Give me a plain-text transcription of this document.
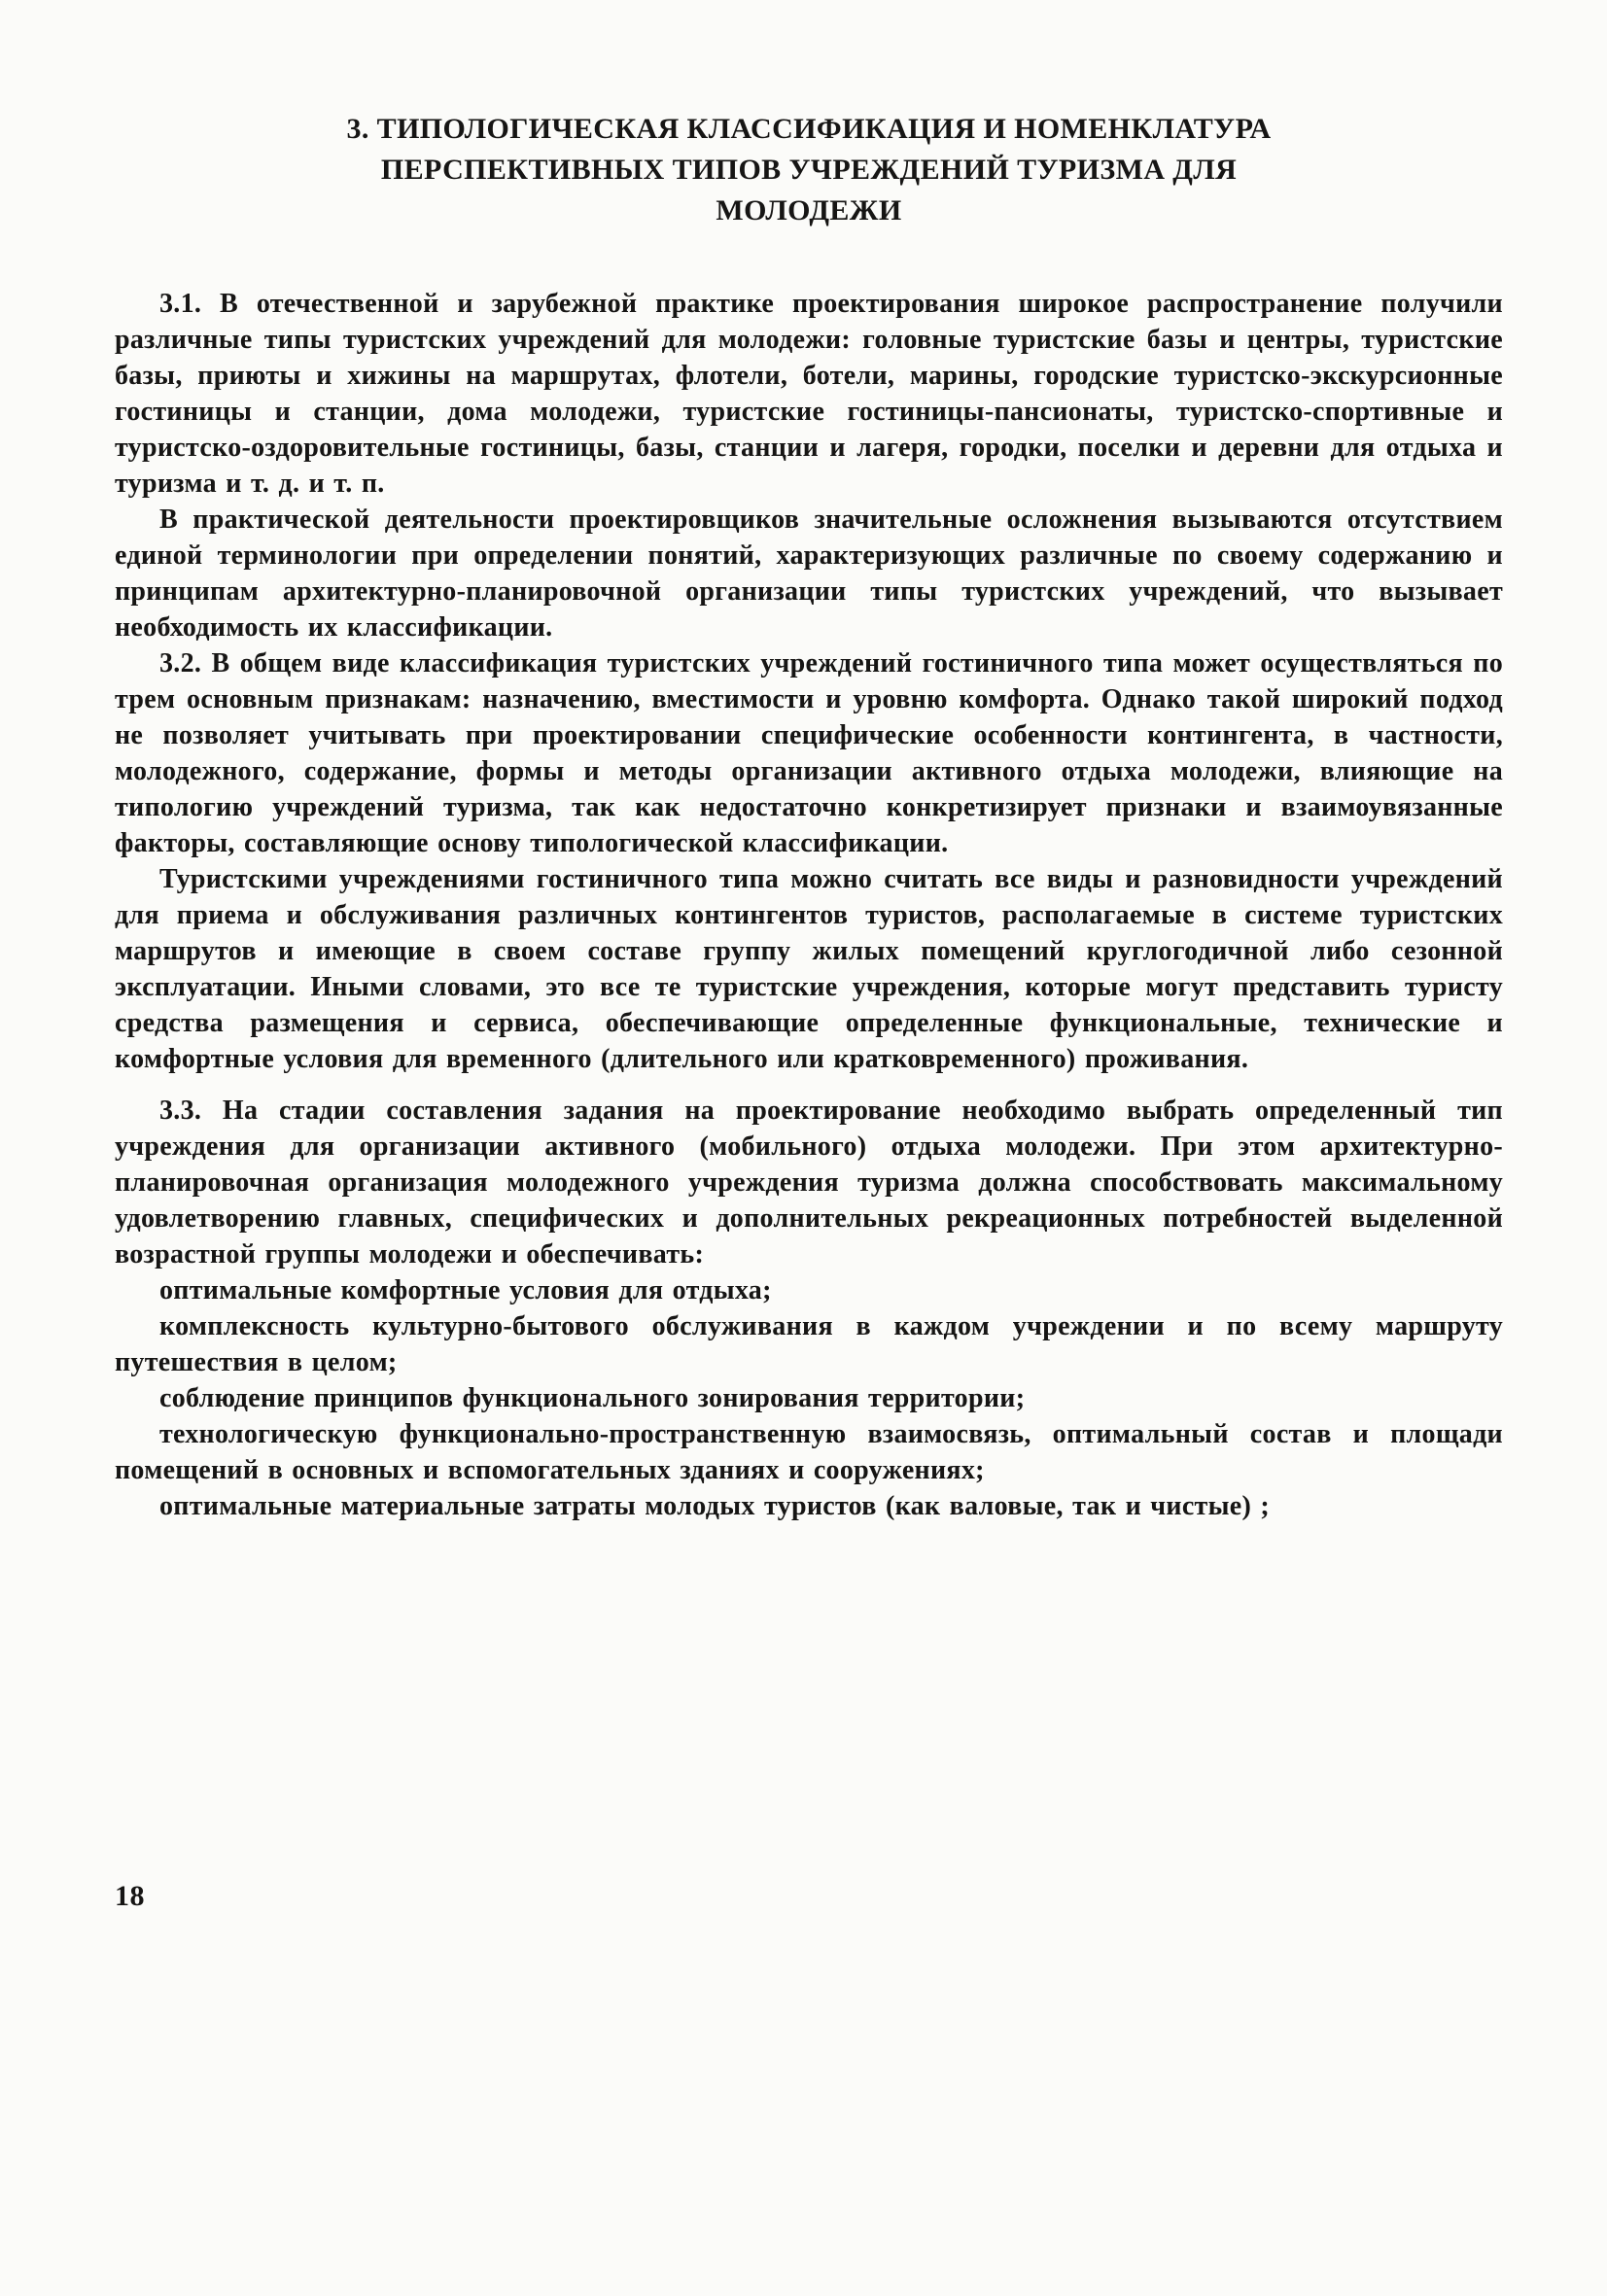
3. ТИПОЛОГИЧЕСКАЯ КЛАССИФИКАЦИЯ И НОМЕНКЛАТУРА
ПЕРСПЕКТИВНЫХ ТИПОВ УЧРЕЖДЕНИЙ ТУРИЗМА ДЛЯ
МОЛОДЕЖИ

3.1. В отечественной и зарубежной практике проектирования широкое распространение получили различные типы туристских учреждений для молодежи: головные туристские базы и центры, туристские базы, приюты и хижины на маршрутах, флотели, ботели, марины, городские туристско-экскурсионные гостиницы и станции, дома молодежи, туристские гостиницы-пансионаты, туристско-спортивные и туристско-оздоровительные гостиницы, базы, станции и лагеря, городки, поселки и деревни для отдыха и туризма и т. д. и т. п.

В практической деятельности проектировщиков значительные осложнения вызываются отсутствием единой терминологии при определении понятий, характеризующих различные по своему содержанию и принципам архитектурно-планировочной организации типы туристских учреждений, что вызывает необходимость их классификации.

3.2. В общем виде классификация туристских учреждений гостиничного типа может осуществляться по трем основным признакам: назначению, вместимости и уровню комфорта. Однако такой широкий подход не позволяет учитывать при проектировании специфические особенности контингента, в частности, молодежного, содержание, формы и методы организации активного отдыха молодежи, влияющие на типологию учреждений туризма, так как недостаточно конкретизирует признаки и взаимоувязанные факторы, составляющие основу типологической классификации.

Туристскими учреждениями гостиничного типа можно считать все виды и разновидности учреждений для приема и обслуживания различных контингентов туристов, располагаемые в системе туристских маршрутов и имеющие в своем составе группу жилых помещений круглогодичной либо сезонной эксплуатации. Иными словами, это все те туристские учреждения, которые могут представить туристу средства размещения и сервиса, обеспечивающие определенные функциональные, технические и комфортные условия для временного (длительного или кратковременного) проживания.

3.3. На стадии составления задания на проектирование необходимо выбрать определенный тип учреждения для организации активного (мобильного) отдыха молодежи. При этом архитектурно-планировочная организация молодежного учреждения туризма должна способствовать максимальному удовлетворению главных, специфических и дополнительных рекреационных потребностей выделенной возрастной группы молодежи и обеспечивать:

оптимальные комфортные условия для отдыха;

комплексность культурно-бытового обслуживания в каждом учреждении и по всему маршруту путешествия в целом;

соблюдение принципов функционального зонирования территории;

технологическую функционально-пространственную взаимосвязь, оптимальный состав и площади помещений в основных и вспомогательных зданиях и сооружениях;

оптимальные материальные затраты молодых туристов (как валовые, так и чистые) ;

18
